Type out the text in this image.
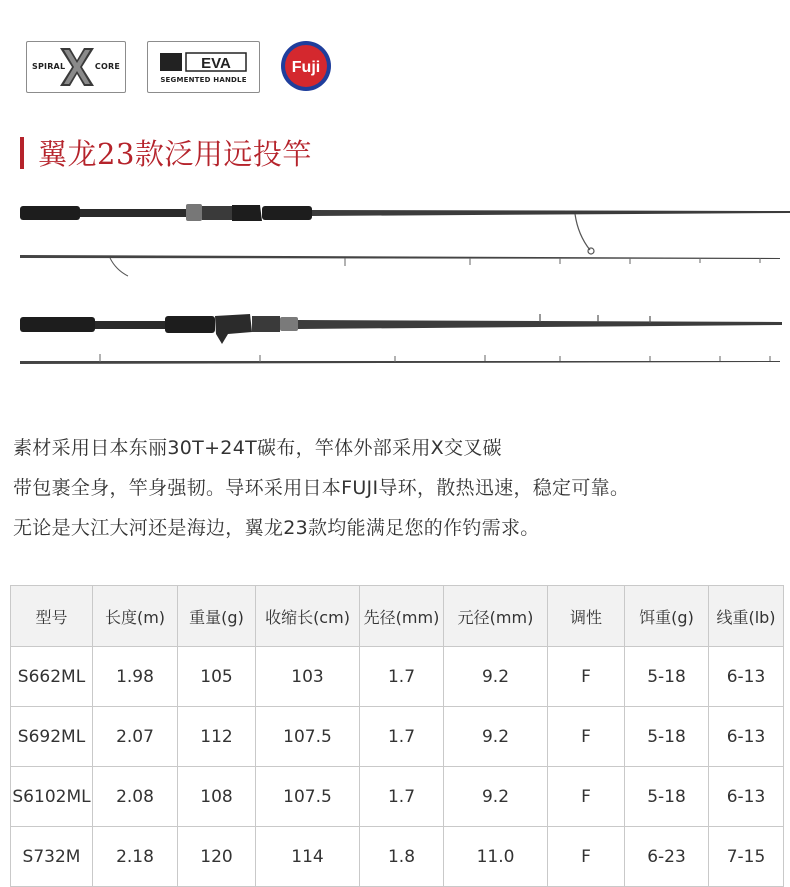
SPIRAL	CORE	EVA
SEGMENTED HANDLE
Fuji
翼龙23款泛用远投竿
素材采用日本东丽30T+24T碳布，竿体外部采用X交叉碳
带包裹全身，竿身强韧。导环采用日本FUJI导环，散热迅速，稳定可靠。
无论是大江大河还是海边，翼龙23款均能满足您的作钓需求。
型号	长度(m)	重量(g)	收缩长(cm)	先径(mm)	元径(mm)	调性	饵重(g)	线重(lb)
S662ML	1.98	105	103	1.7	9.2	F	5-18	6-13
S692ML	2.07	112	107.5	1.7	9.2	F	5-18	6-13
S6102ML	2.08	108	107.5	1.7	9.2	F	5-18	6-13
S732M	2.18	120	114	1.8	11.0	F	6-23	7-15
